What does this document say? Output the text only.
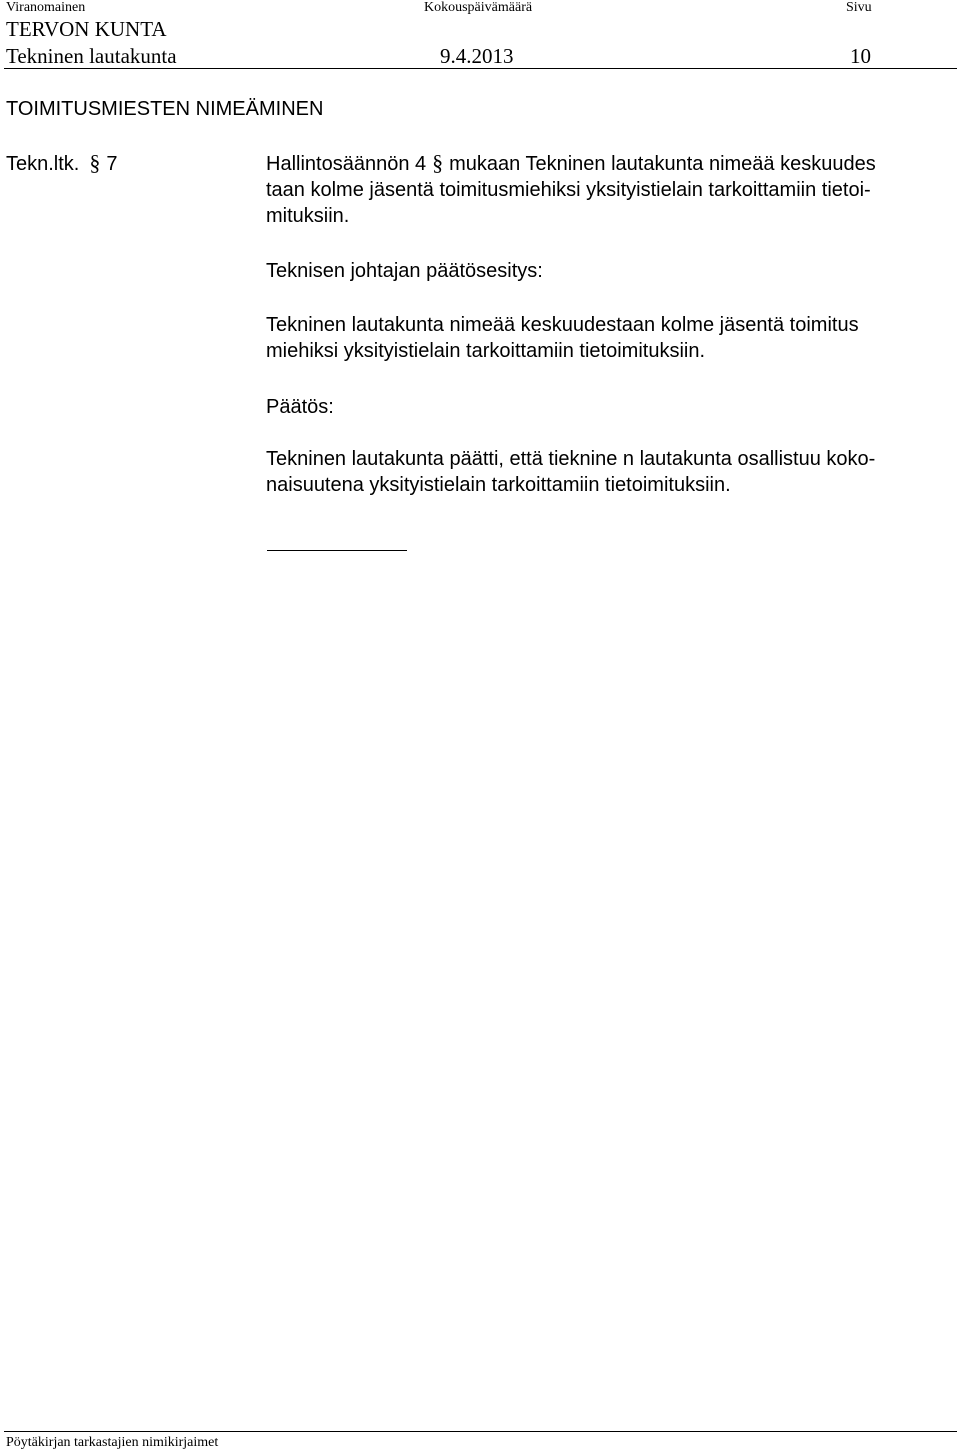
Viranomainen	Kokouspäivämäärä	Sivu
TERVON KUNTA
Tekninen lautakunta	9.4.2013	10
TOIMITUSMIESTEN NIMEÄMINEN
Tekn.ltk. § 7	Hallintosäännön 4 § mukaan Tekninen lautakunta nimeää keskuudes
taan kolme jäsentä toimitusmiehiksi yksityistielain tarkoittamiin tietoi-
mituksiin.
Teknisen johtajan päätösesitys:
Tekninen lautakunta nimeää keskuudestaan kolme jäsentä toimitus
miehiksi yksityistielain tarkoittamiin tietoimituksiin.
Päätös:
Tekninen lautakunta päätti, että tieknine n lautakunta osallistuu koko-
naisuutena yksityistielain tarkoittamiin tietoimituksiin.
Pöytäkirjan tarkastajien nimikirjaimet
